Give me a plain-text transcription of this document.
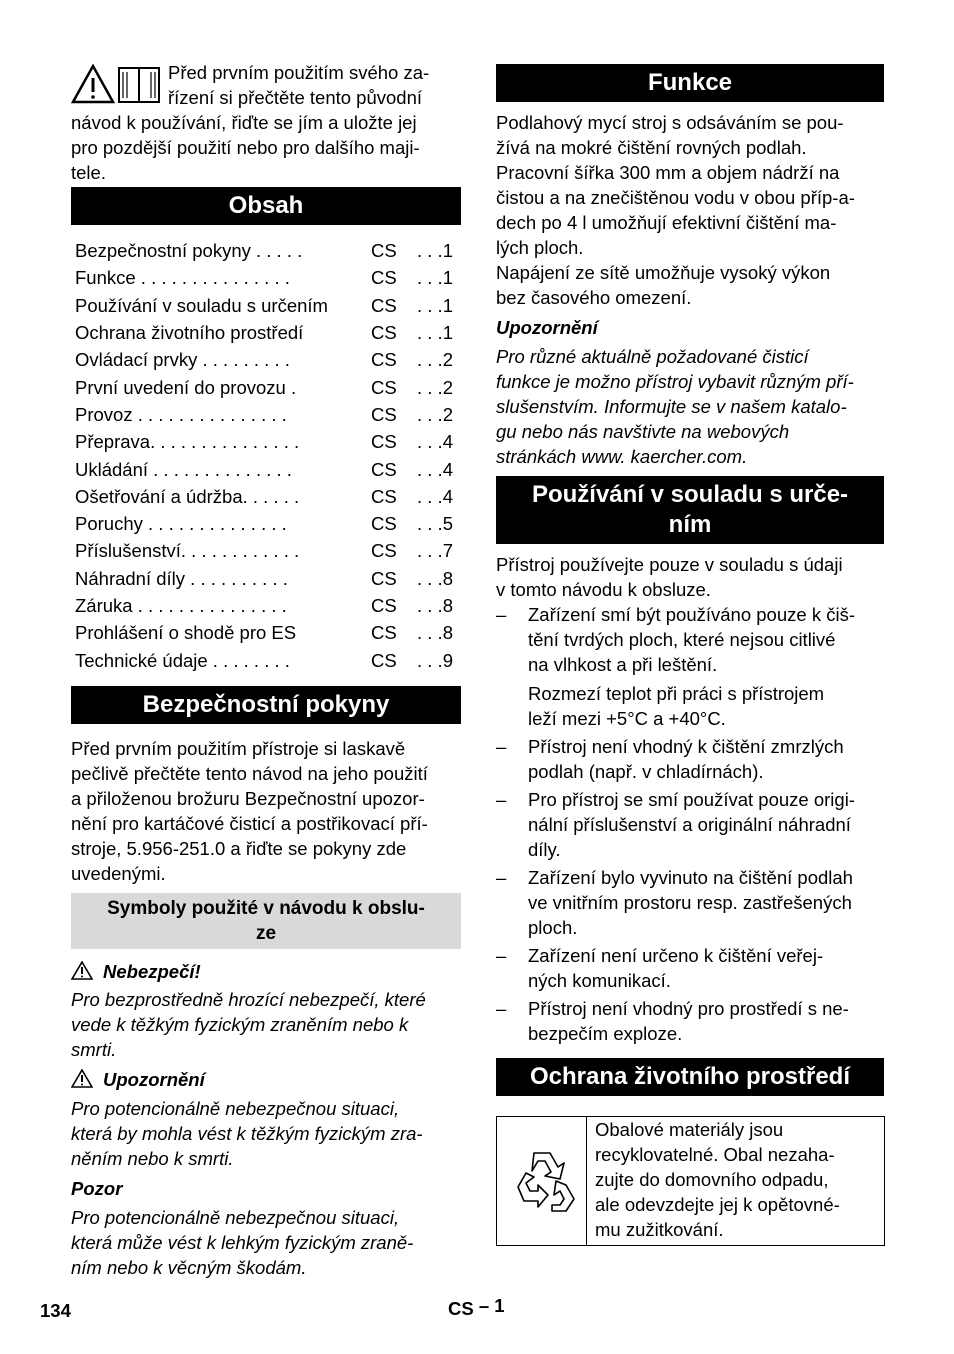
Před prvním použitím svého za-
řízení si přečtěte tento původní
návod k používání, řiďte se jím a uložte jej
pro pozdější použití nebo pro dalšího maji-
tele.
Obsah
Bezpečnostní pokyny . . . . .	CS	. . .1
Funkce . . . . . . . . . . . . . . .	CS	. . .1
Používání v souladu s určením	CS	. . .1
Ochrana životního prostředí	CS	. . .1
Ovládací prvky . . . . . . . . .	CS	. . .2
První uvedení do provozu .	CS	. . .2
Provoz . . . . . . . . . . . . . . .	CS	. . .2
Přeprava. . . . . . . . . . . . . . .	CS	. . .4
Ukládání . . . . . . . . . . . . . .	CS	. . .4
Ošetřování a údržba. . . . . .	CS	. . .4
Poruchy . . . . . . . . . . . . . .	CS	. . .5
Příslušenství. . . . . . . . . . . .	CS	. . .7
Náhradní díly . . . . . . . . . .	CS	. . .8
Záruka . . . . . . . . . . . . . . .	CS	. . .8
Prohlášení o shodě pro ES	CS	. . .8
Technické údaje . . . . . . . .	CS	. . .9
Bezpečnostní pokyny
Před prvním použitím přístroje si laskavě
pečlivě přečtěte tento návod na jeho použití
a přiloženou brožuru Bezpečnostní upozor-
nění pro kartáčové čisticí a postřikovací pří-
stroje, 5.956-251.0 a řiďte se pokyny zde
uvedenými.
Symboly použité v návodu k obslu-
ze
Nebezpečí!
Pro bezprostředně hrozící nebezpečí, které
vede k těžkým fyzickým zraněním nebo k
smrti.
Upozornění
Pro potencionálně nebezpečnou situaci,
která by mohla vést k těžkým fyzickým zra-
něním nebo k smrti.
Pozor
Pro potencionálně nebezpečnou situaci,
která může vést k lehkým fyzickým zraně-
ním nebo k věcným škodám.
Funkce
Podlahový mycí stroj s odsáváním se pou-
žívá na mokré čištění rovných podlah.
Pracovní šířka 300 mm a objem nádrží na
čistou a na znečištěnou vodu v obou příp-a-
dech po 4 l umožňují efektivní čištění ma-
lých ploch.
Napájení ze sítě umožňuje vysoký výkon
bez časového omezení.
Upozornění
Pro různé aktuálně požadované čisticí
funkce je možno přístroj vybavit různým pří-
slušenstvím. Informujte se v našem katalo-
gu nebo nás navštivte na webových
stránkách www. kaercher.com.
Používání v souladu s urče-
ním
Přístroj používejte pouze v souladu s údaji
v tomto návodu k obsluze.
– Zařízení smí být používáno pouze k čiš-
tění tvrdých ploch, které nejsou citlivé
na vlhkost a při leštění.
Rozmezí teplot při práci s přístrojem
leží mezi +5°C a +40°C.
– Přístroj není vhodný k čištění zmrzlých
podlah (např. v chladírnách).
– Pro přístroj se smí používat pouze origi-
nální příslušenství a originální náhradní
díly.
– Zařízení bylo vyvinuto na čištění podlah
ve vnitřním prostoru resp. zastřešených
ploch.
– Zařízení není určeno k čištění veřej-
ných komunikací.
– Přístroj není vhodný pro prostředí s ne-
bezpečím exploze.
Ochrana životního prostředí
Obalové materiály jsou
recyklovatelné. Obal nezaha-
zujte do domovního odpadu,
ale odevzdejte jej k opětovné-
mu zužitkování.
134	CS – 1
